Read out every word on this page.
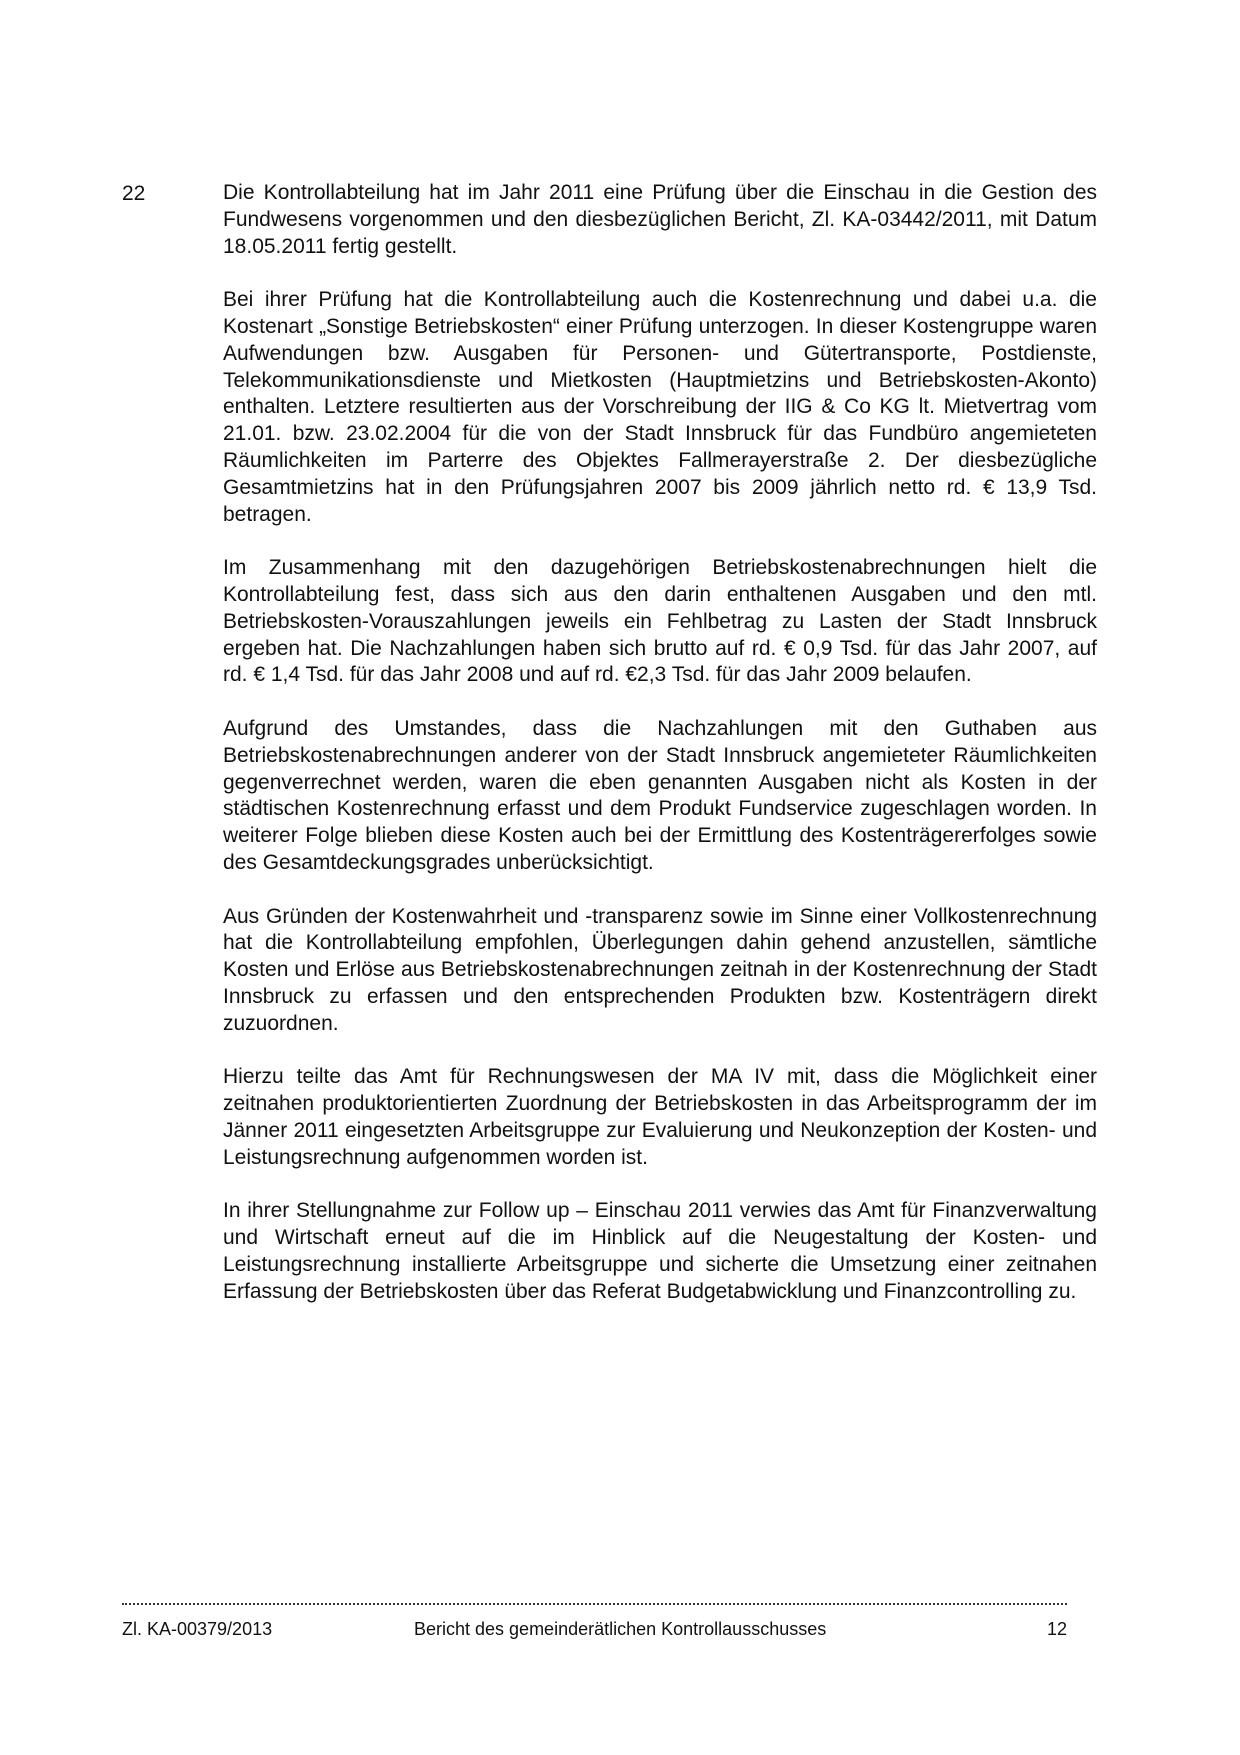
22	Die Kontrollabteilung hat im Jahr 2011 eine Prüfung über die Einschau in die Gestion des Fundwesens vorgenommen und den diesbezüglichen Bericht, Zl. KA-03442/2011, mit Datum 18.05.2011 fertig gestellt.

Bei ihrer Prüfung hat die Kontrollabteilung auch die Kostenrechnung und dabei u.a. die Kostenart „Sonstige Betriebskosten“ einer Prüfung unterzogen. In dieser Kostengruppe waren Aufwendungen bzw. Ausgaben für Personen- und Gütertransporte, Postdienste, Telekommunikationsdienste und Mietkosten (Hauptmietzins und Betriebskosten-Akonto) enthalten. Letztere resultierten aus der Vorschreibung der IIG & Co KG lt. Mietvertrag vom 21.01. bzw. 23.02.2004 für die von der Stadt Innsbruck für das Fundbüro angemieteten Räumlichkeiten im Parterre des Objektes Fallmerayerstraße 2. Der diesbezügliche Gesamtmietzins hat in den Prüfungsjahren 2007 bis 2009 jährlich netto rd. € 13,9 Tsd. betragen.

Im Zusammenhang mit den dazugehörigen Betriebskostenabrechnungen hielt die Kontrollabteilung fest, dass sich aus den darin enthaltenen Ausgaben und den mtl. Betriebskosten-Vorauszahlungen jeweils ein Fehlbetrag zu Lasten der Stadt Innsbruck ergeben hat. Die Nachzahlungen haben sich brutto auf rd. € 0,9 Tsd. für das Jahr 2007, auf rd. € 1,4 Tsd. für das Jahr 2008 und auf rd. €2,3 Tsd. für das Jahr 2009 belaufen.

Aufgrund des Umstandes, dass die Nachzahlungen mit den Guthaben aus Betriebskostenabrechnungen anderer von der Stadt Innsbruck angemieteter Räumlichkeiten gegenverrechnet werden, waren die eben genannten Ausgaben nicht als Kosten in der städtischen Kostenrechnung erfasst und dem Produkt Fundservice zugeschlagen worden. In weiterer Folge blieben diese Kosten auch bei der Ermittlung des Kostenträgererfolges sowie des Gesamtdeckungsgrades unberücksichtigt.

Aus Gründen der Kostenwahrheit und -transparenz sowie im Sinne einer Vollkostenrechnung hat die Kontrollabteilung empfohlen, Überlegungen dahin gehend anzustellen, sämtliche Kosten und Erlöse aus Betriebskostenabrechnungen zeitnah in der Kostenrechnung der Stadt Innsbruck zu erfassen und den entsprechenden Produkten bzw. Kostenträgern direkt zuzuordnen.

Hierzu teilte das Amt für Rechnungswesen der MA IV mit, dass die Möglichkeit einer zeitnahen produktorientierten Zuordnung der Betriebskosten in das Arbeitsprogramm der im Jänner 2011 eingesetzten Arbeitsgruppe zur Evaluierung und Neukonzeption der Kosten- und Leistungsrechnung aufgenommen worden ist.

In ihrer Stellungnahme zur Follow up – Einschau 2011 verwies das Amt für Finanzverwaltung und Wirtschaft erneut auf die im Hinblick auf die Neugestaltung der Kosten- und Leistungsrechnung installierte Arbeitsgruppe und sicherte die Umsetzung einer zeitnahen Erfassung der Betriebskosten über das Referat Budgetabwicklung und Finanzcontrolling zu.

Zl. KA-00379/2013	Bericht des gemeinderätlichen Kontrollausschusses	12
